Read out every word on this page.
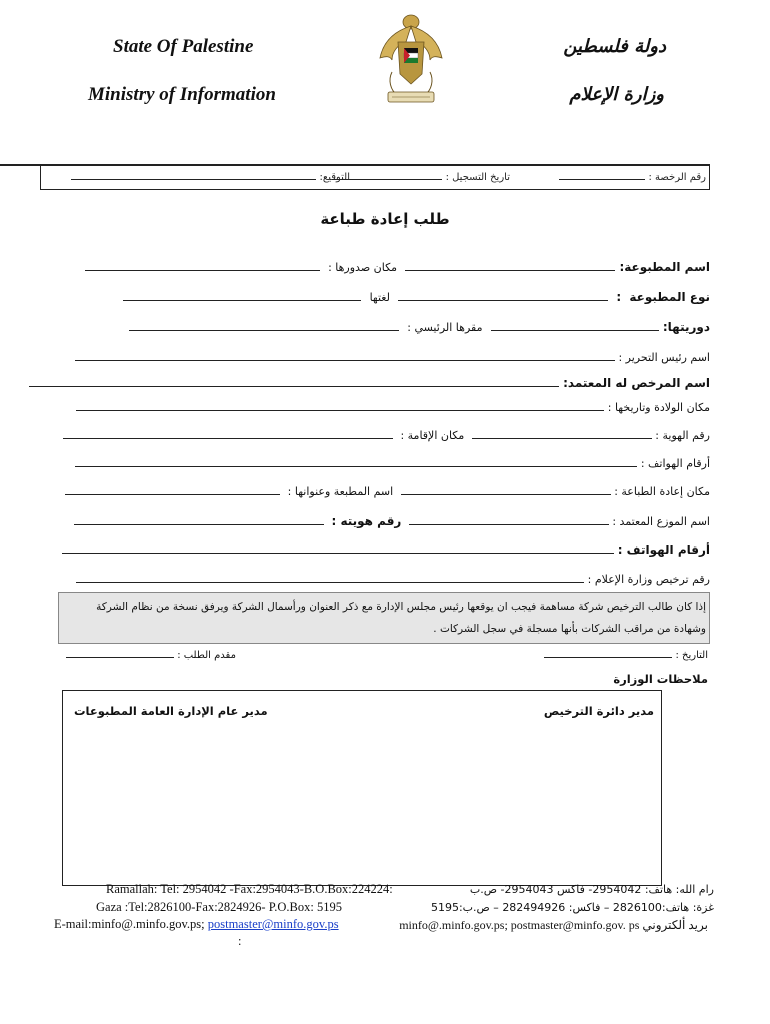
State Of Palestine
Ministry of Information
دولة فلسطين
وزارة الإعلام
رقم الرخصة :
تاريخ التسجيل :
التوقيع:
طلب إعادة طباعة
اسم المطبوعة:  مكان صدورها :
نوع المطبوعة :  لغتها
دوريتها:  مقرها الرئيسي :
اسم رئيس التحرير :
اسم المرخص له المعتمد:
مكان الولادة وتاريخها :
رقم الهوية :  مكان الإقامة :
أرقام الهواتف :
مكان إعادة الطباعة :  اسم المطبعة وعنوانها :
اسم الموزع المعتمد :  رقم هويته :
أرقام الهواتف :
رقم ترخيص وزارة الإعلام :
إذا كان طالب الترخيص شركة مساهمة فيجب ان يوقعها رئيس مجلس الإدارة مع ذكر العنوان ورأسمال الشركة ويرفق نسخة من نظام الشركة وشهادة من مراقب الشركات بأنها مسجلة في سجل الشركات .
التاريخ :
مقدم الطلب :
ملاحظات الوزارة
مدير دائرة الترخيص
مدير عام الإدارة العامة المطبوعات
Ramallah: Tel: 2954042 -Fax:2954043-B.O.Box:224224:	رام الله: هاتف: 2954042- فاكس 2954043- ص.ب
Gaza :Tel:2826100-Fax:2824926- P.O.Box: 5195	غزة: هاتف:2826100 – فاكس: 282494926 – ص.ب:5195
E-mail:minfo@.minfo.gov.ps; postmaster@minfo.gov.ps	بريد ألكتروني minfo@.minfo.gov.ps; postmaster@minfo.gov. ps
:
